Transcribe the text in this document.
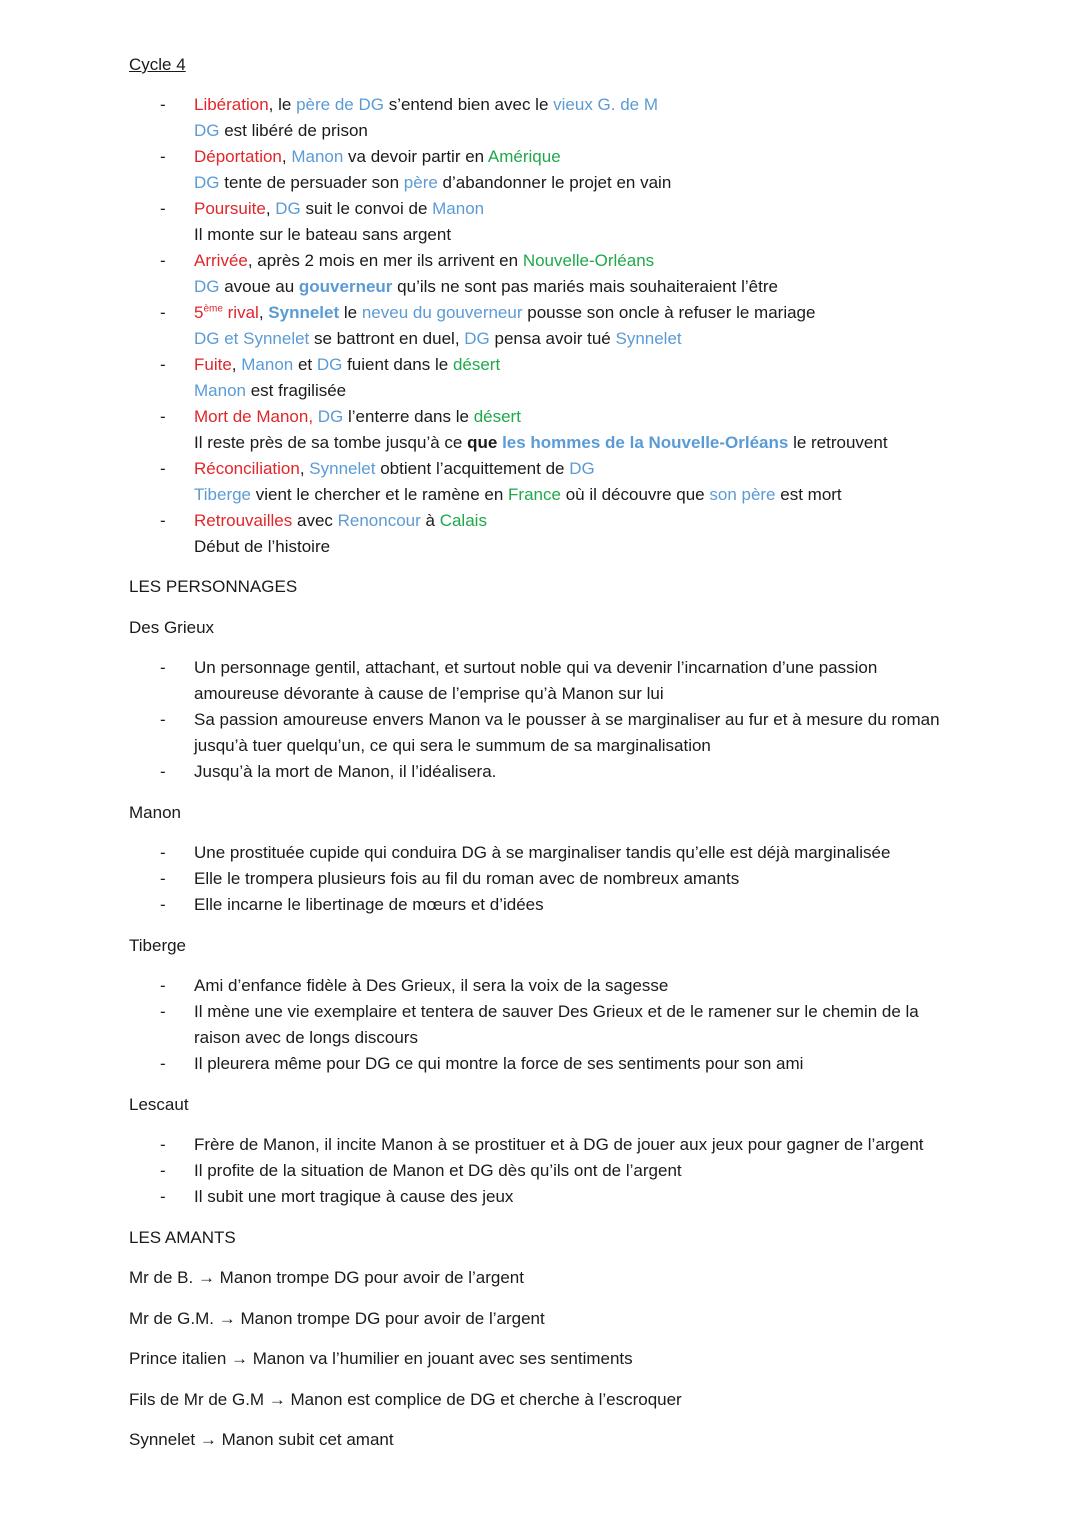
Cycle 4
- Libération, le père de DG s’entend bien avec le vieux G. de M
DG est libéré de prison
- Déportation, Manon va devoir partir en Amérique
DG tente de persuader son père d’abandonner le projet en vain
- Poursuite, DG suit le convoi de Manon
Il monte sur le bateau sans argent
- Arrivée, après 2 mois en mer ils arrivent en Nouvelle-Orléans
DG avoue au gouverneur qu’ils ne sont pas mariés mais souhaiteraient l’être
- 5ème rival, Synnelet le neveu du gouverneur pousse son oncle à refuser le mariage
DG et Synnelet se battront en duel, DG pensa avoir tué Synnelet
- Fuite, Manon et DG fuient dans le désert
Manon est fragilisée
- Mort de Manon, DG l’enterre dans le désert
Il reste près de sa tombe jusqu’à ce que les hommes de la Nouvelle-Orléans le retrouvent
- Réconciliation, Synnelet obtient l’acquittement de DG
Tiberge vient le chercher et le ramène en France où il découvre que son père est mort
- Retrouvailles avec Renoncour à Calais
Début de l’histoire
LES PERSONNAGES
Des Grieux
- Un personnage gentil, attachant, et surtout noble qui va devenir l’incarnation d’une passion
amoureuse dévorante à cause de l’emprise qu’à Manon sur lui
- Sa passion amoureuse envers Manon va le pousser à se marginaliser au fur et à mesure du roman
jusqu’à tuer quelqu’un, ce qui sera le summum de sa marginalisation
- Jusqu’à la mort de Manon, il l’idéalisera.
Manon
- Une prostituée cupide qui conduira DG à se marginaliser tandis qu’elle est déjà marginalisée
- Elle le trompera plusieurs fois au fil du roman avec de nombreux amants
- Elle incarne le libertinage de mœurs et d’idées
Tiberge
- Ami d’enfance fidèle à Des Grieux, il sera la voix de la sagesse
- Il mène une vie exemplaire et tentera de sauver Des Grieux et de le ramener sur le chemin de la
raison avec de longs discours
- Il pleurera même pour DG ce qui montre la force de ses sentiments pour son ami
Lescaut
- Frère de Manon, il incite Manon à se prostituer et à DG de jouer aux jeux pour gagner de l’argent
- Il profite de la situation de Manon et DG dès qu’ils ont de l’argent
- Il subit une mort tragique à cause des jeux
LES AMANTS
Mr de B. → Manon trompe DG pour avoir de l’argent
Mr de G.M. → Manon trompe DG pour avoir de l’argent
Prince italien → Manon va l’humilier en jouant avec ses sentiments
Fils de Mr de G.M → Manon est complice de DG et cherche à l’escroquer
Synnelet → Manon subit cet amant
